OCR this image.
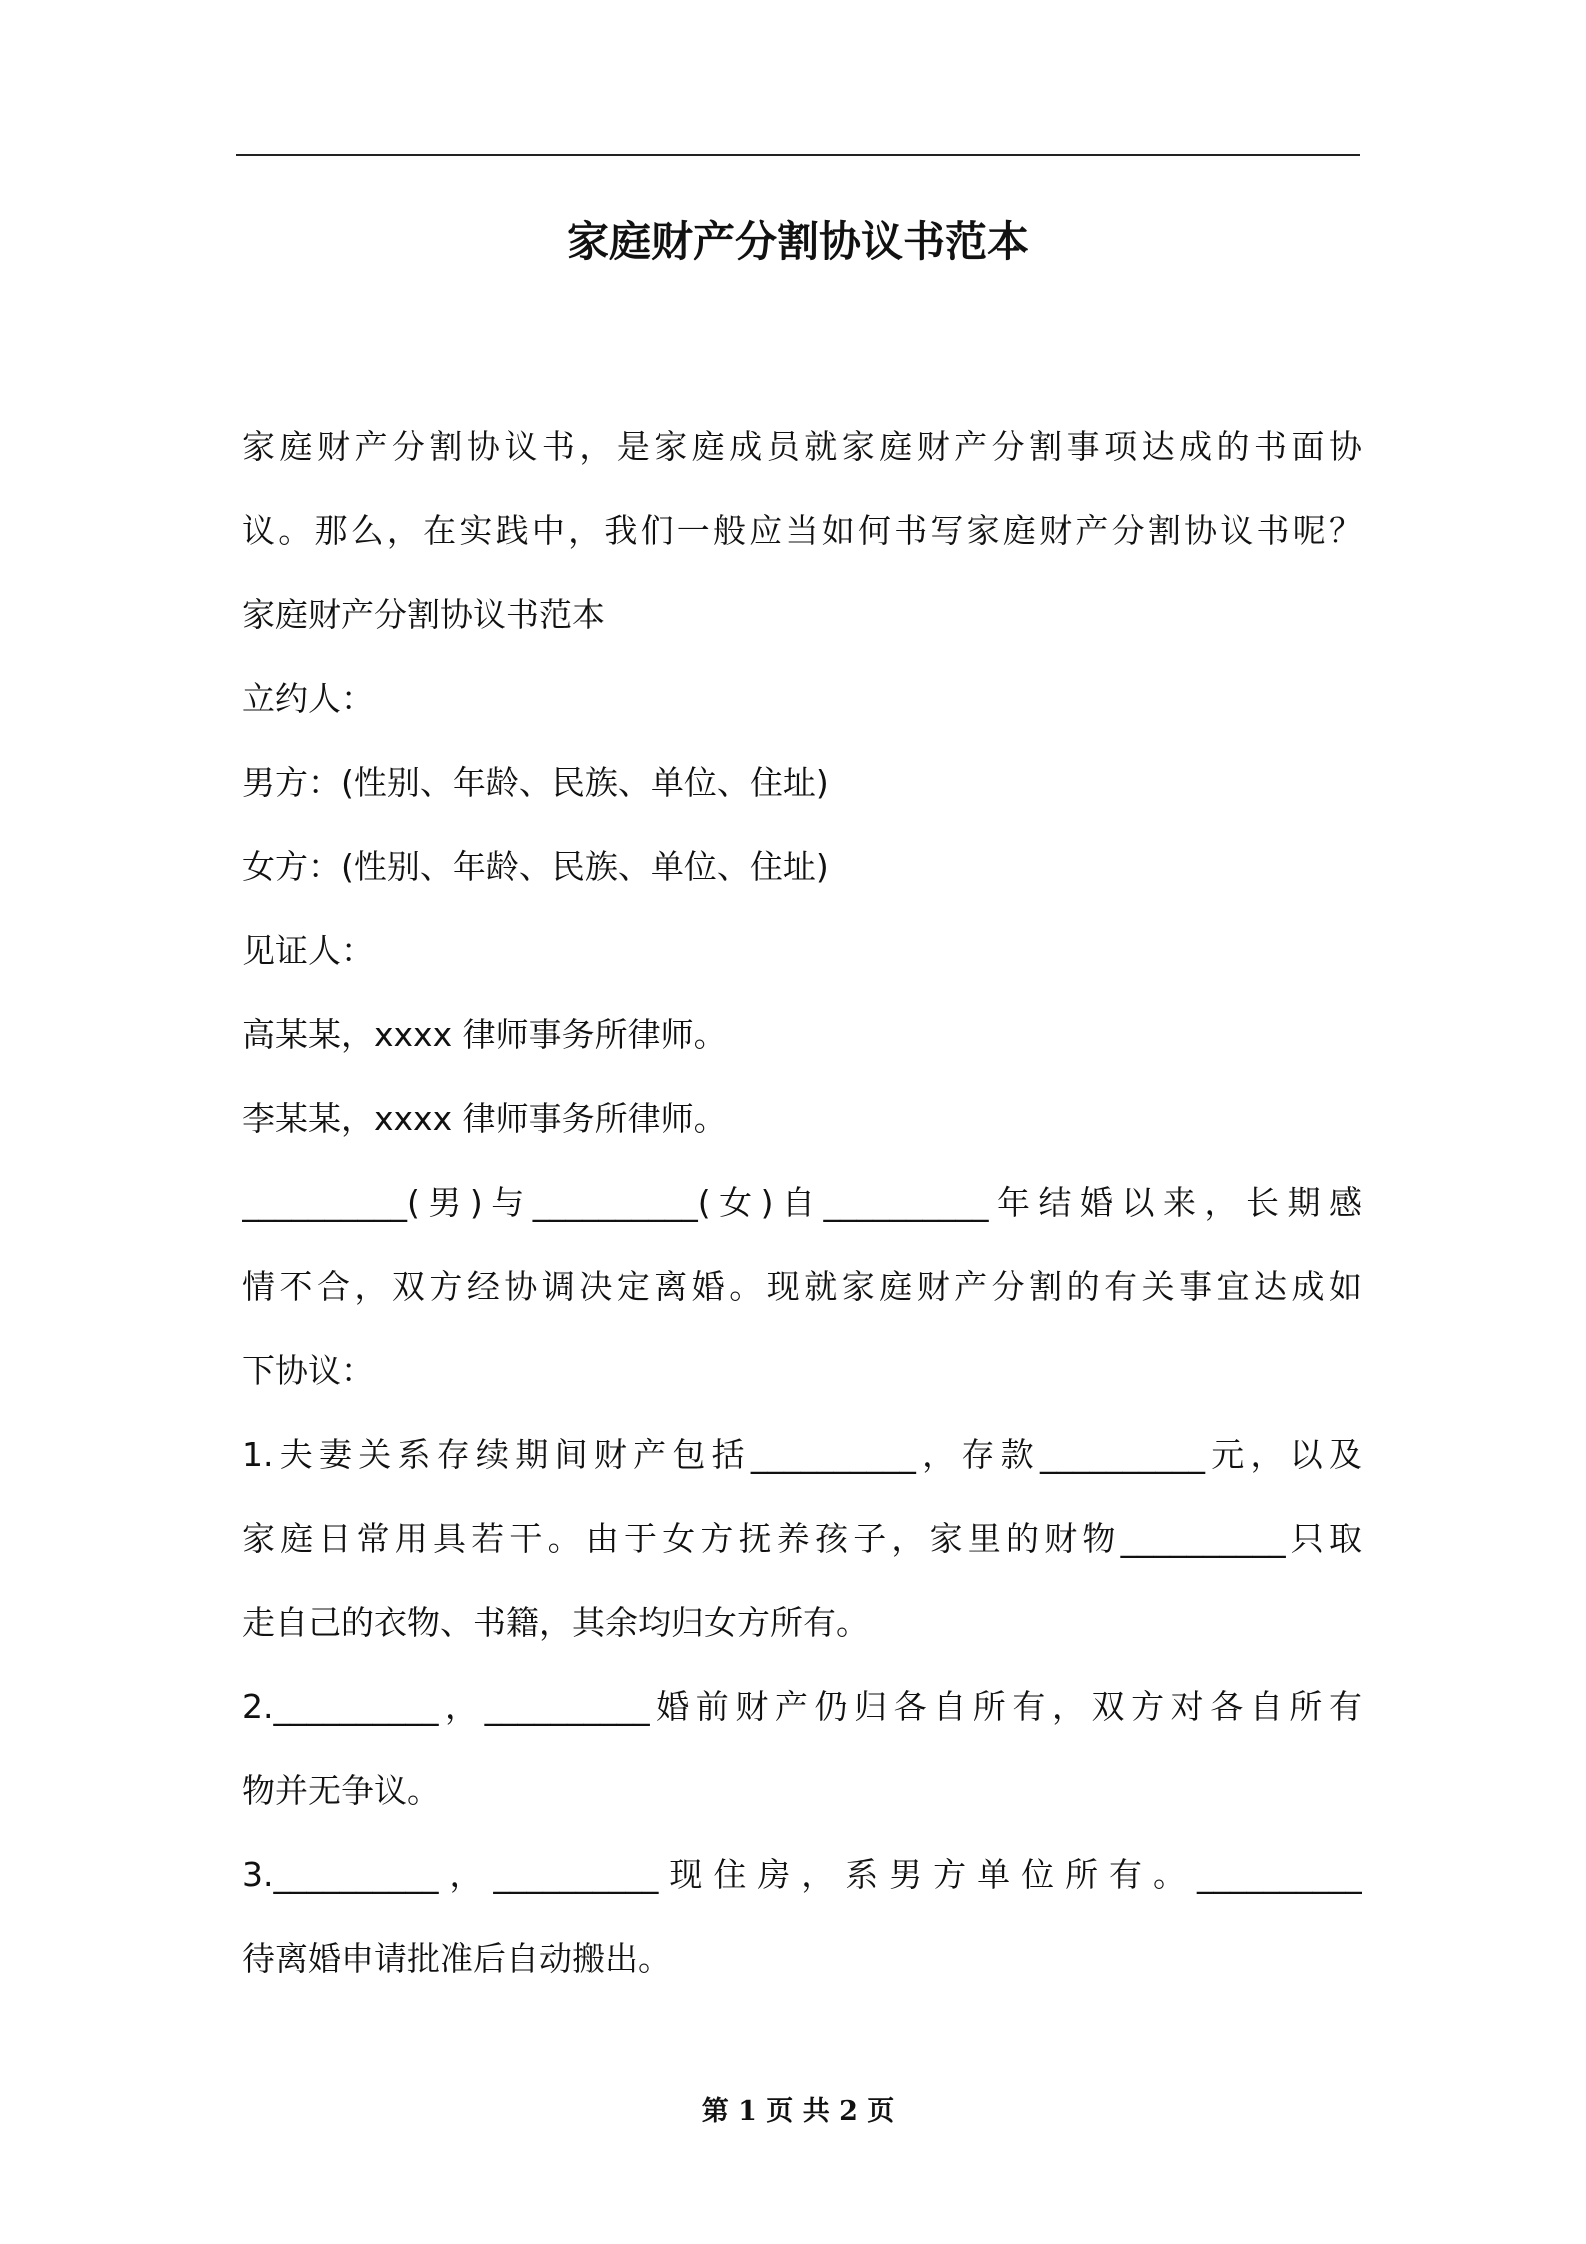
家庭财产分割协议书范本
家庭财产分割协议书，是家庭成员就家庭财产分割事项达成的书面协
议。那么，在实践中，我们一般应当如何书写家庭财产分割协议书呢？
家庭财产分割协议书范本
立约人：
男方：(性别、年龄、民族、单位、住址)
女方：(性别、年龄、民族、单位、住址)
见证人：
高某某，xxxx 律师事务所律师。
李某某，xxxx 律师事务所律师。
__________(男)与__________(女)自__________年结婚以来，长期感
情不合，双方经协调决定离婚。现就家庭财产分割的有关事宜达成如
下协议：
1.夫妻关系存续期间财产包括__________，存款__________元，以及
家庭日常用具若干。由于女方抚养孩子，家里的财物__________只取
走自己的衣物、书籍，其余均归女方所有。
2.__________，__________婚前财产仍归各自所有，双方对各自所有
物并无争议。
3.__________，__________现住房，系男方单位所有。__________
待离婚申请批准后自动搬出。
第 1 页 共 2 页
